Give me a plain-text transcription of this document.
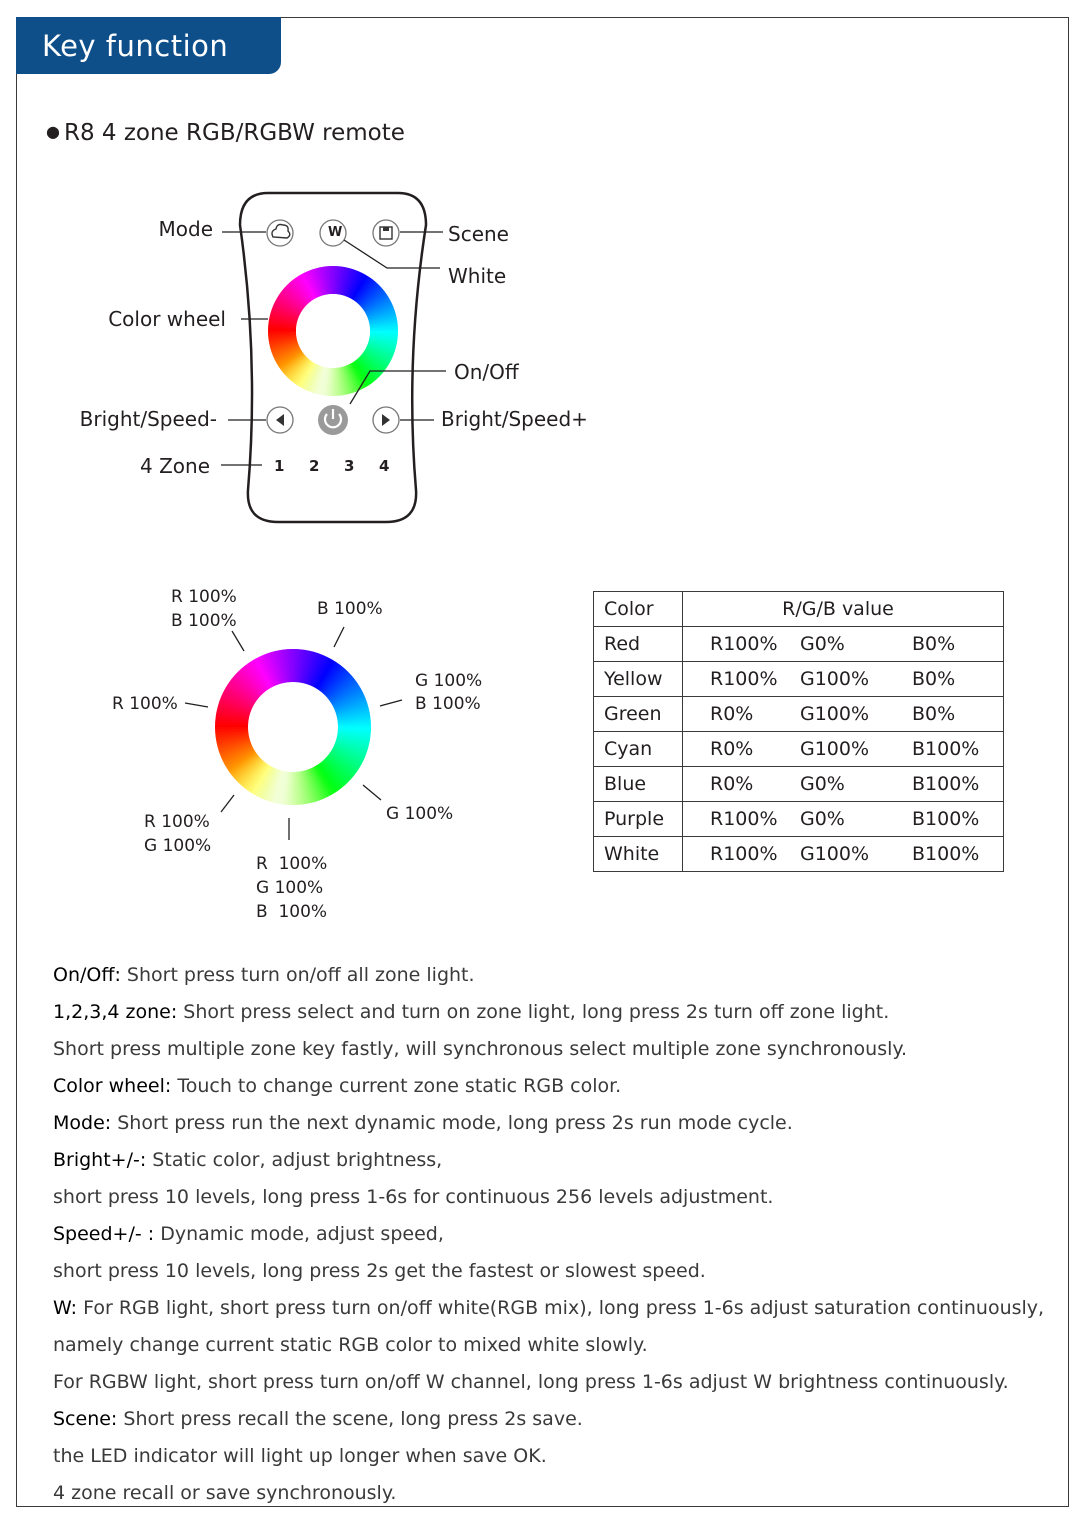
Key function
● R8 4 zone RGB/RGBW remote
Mode	Scene
White
Color wheel
On/Off
Bright/Speed-	Bright/Speed+
4 Zone
W
1 2 3 4
R 100%
B 100%
B 100%
G 100%
B 100%
R 100%
R 100%
G 100%
G 100%
R  100%
G 100%
B  100%
Color	R/G/B value
Red	R100% G0% B0%

Yellow	R100% G100% B0%

Green	R0% G100% B0%

Cyan	R0% G100% B100%

Blue	R0% G0% B100%

Purple	R100% G0% B100%

White	R100% G100% B100%

On/Off: Short press turn on/off all zone light.

1,2,3,4 zone: Short press select and turn on zone light, long press 2s turn off zone light.

Short press multiple zone key fastly, will synchronous select multiple zone synchronously.

Color wheel: Touch to change current zone static RGB color.

Mode: Short press run the next dynamic mode, long press 2s run mode cycle.

Bright+/-: Static color, adjust brightness,

short press 10 levels, long press 1-6s for continuous 256 levels adjustment.

Speed+/- : Dynamic mode, adjust speed,

short press 10 levels, long press 2s get the fastest or slowest speed.

W: For RGB light, short press turn on/off white(RGB mix), long press 1-6s adjust saturation continuously,

namely change current static RGB color to mixed white slowly.

For RGBW light, short press turn on/off W channel, long press 1-6s adjust W brightness continuously.

Scene: Short press recall the scene, long press 2s save.

the LED indicator will light up longer when save OK.

4 zone recall or save synchronously.
